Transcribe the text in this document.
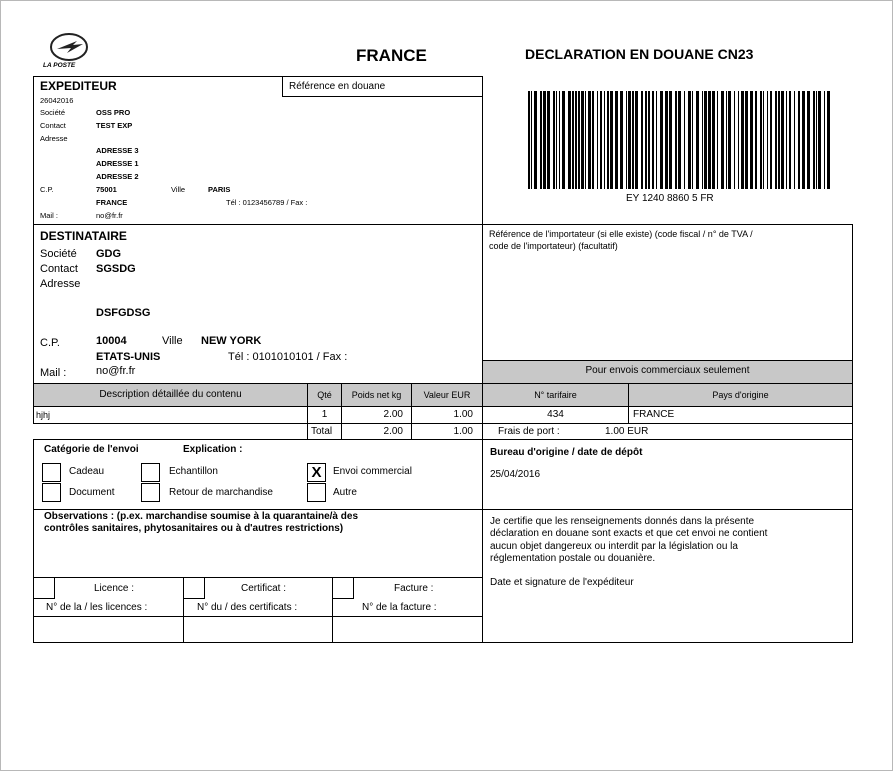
LA POSTE
FRANCE	DECLARATION EN DOUANE CN23
EY 1240 8860 5 FR
Référence en douane
EXPEDITEUR
26042016
Société	OSS PRO
Contact	TEST EXP
Adresse
ADRESSE 3
ADRESSE 1
ADRESSE 2
C.P.	75001	Ville	PARIS
FRANCE	Tél : 0123456789 / Fax :
Mail :	no@fr.fr
DESTINATAIRE
Société GDG
Contact SGSDG
Adresse
DSFGDSG
C.P.	10004	Ville NEW YORK
ETATS-UNIS	Tél : 0101010101 / Fax :
Mail :	no@fr.fr
Référence de l'importateur (si elle existe) (code fiscal / n° de TVA /
code de l'importateur) (facultatif)
Pour envois commerciaux seulement
Description détaillée du contenu	Qté	Poids net kg	Valeur EUR	N° tarifaire	Pays d'origine
hjhj	1	2.00	1.00	434	FRANCE
Total	2.00	1.00	Frais de port :	1.00 EUR
Catégorie de l'envoi	Explication :
Cadeau
Document
Echantillon
Retour de marchandise
X	Envoi commercial
Autre
Bureau d'origine / date de dépôt
25/04/2016
Observations : (p.ex. marchandise soumise à la quarantaine/à des
contrôles sanitaires, phytosanitaires ou à d'autres restrictions)
Je certifie que les renseignements donnés dans la présente
déclaration en douane sont exacts et que cet envoi ne contient
aucun objet dangereux ou interdit par la législation ou la
réglementation postale ou douanière.
Date et signature de l'expéditeur
Licence :
N° de la / les licences :
Certificat :
N° du / des certificats :
Facture :
N° de la facture :
